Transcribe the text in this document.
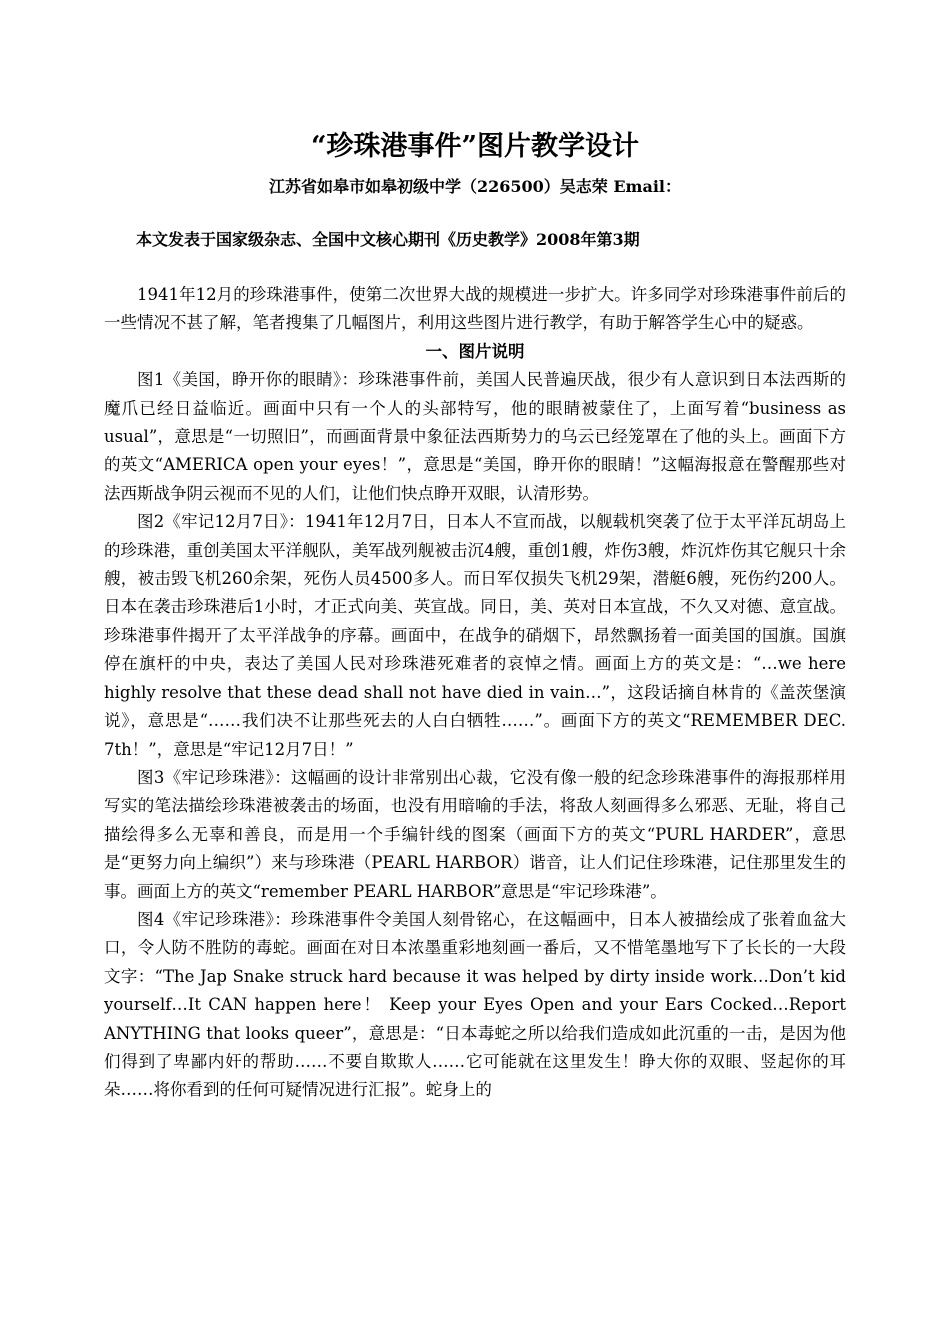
“珍珠港事件”图片教学设计
江苏省如皋市如皋初级中学（226500）吴志荣 Email：
本文发表于国家级杂志、全国中文核心期刊《历史教学》2008年第3期

1941年12月的珍珠港事件，使第二次世界大战的规模进一步扩大。许多同学对珍珠港事件前后的一些情况不甚了解，笔者搜集了几幅图片，利用这些图片进行教学，有助于解答学生心中的疑惑。

一、图片说明

图1《美国，睁开你的眼睛》：珍珠港事件前，美国人民普遍厌战，很少有人意识到日本法西斯的魔爪已经日益临近。画面中只有一个人的头部特写，他的眼睛被蒙住了，上面写着“business as usual”，意思是“一切照旧”，而画面背景中象征法西斯势力的乌云已经笼罩在了他的头上。画面下方的英文“AMERICA open your eyes！”，意思是“美国，睁开你的眼睛！”这幅海报意在警醒那些对法西斯战争阴云视而不见的人们，让他们快点睁开双眼，认清形势。

图2《牢记12月7日》：1941年12月7日，日本人不宣而战，以舰载机突袭了位于太平洋瓦胡岛上的珍珠港，重创美国太平洋舰队，美军战列舰被击沉4艘，重创1艘，炸伤3艘，炸沉炸伤其它舰只十余艘，被击毁飞机260余架，死伤人员4500多人。而日军仅损失飞机29架，潜艇6艘，死伤约200人。日本在袭击珍珠港后1小时，才正式向美、英宣战。同日，美、英对日本宣战，不久又对德、意宣战。珍珠港事件揭开了太平洋战争的序幕。画面中，在战争的硝烟下，昂然飘扬着一面美国的国旗。国旗停在旗杆的中央，表达了美国人民对珍珠港死难者的哀悼之情。画面上方的英文是：“…we here highly resolve that these dead shall not have died in vain…”，这段话摘自林肯的《盖茨堡演说》，意思是“……我们决不让那些死去的人白白牺牲……”。画面下方的英文“REMEMBER DEC. 7th！”，意思是“牢记12月7日！”

图3《牢记珍珠港》：这幅画的设计非常别出心裁，它没有像一般的纪念珍珠港事件的海报那样用写实的笔法描绘珍珠港被袭击的场面，也没有用暗喻的手法，将敌人刻画得多么邪恶、无耻，将自己描绘得多么无辜和善良，而是用一个手编针线的图案（画面下方的英文“PURL HARDER”，意思是“更努力向上编织”）来与珍珠港（PEARL HARBOR）谐音，让人们记住珍珠港，记住那里发生的事。画面上方的英文“remember PEARL HARBOR”意思是“牢记珍珠港”。

图4《牢记珍珠港》：珍珠港事件令美国人刻骨铭心，在这幅画中，日本人被描绘成了张着血盆大口，令人防不胜防的毒蛇。画面在对日本浓墨重彩地刻画一番后，又不惜笔墨地写下了长长的一大段文字：“The Jap Snake struck hard because it was helped by dirty inside work…Don’t kid yourself…It CAN happen here！ Keep your Eyes Open and your Ears Cocked…Report ANYTHING that looks queer”，意思是：“日本毒蛇之所以给我们造成如此沉重的一击，是因为他们得到了卑鄙内奸的帮助……不要自欺欺人……它可能就在这里发生！睁大你的双眼、竖起你的耳朵……将你看到的任何可疑情况进行汇报”。蛇身上的
